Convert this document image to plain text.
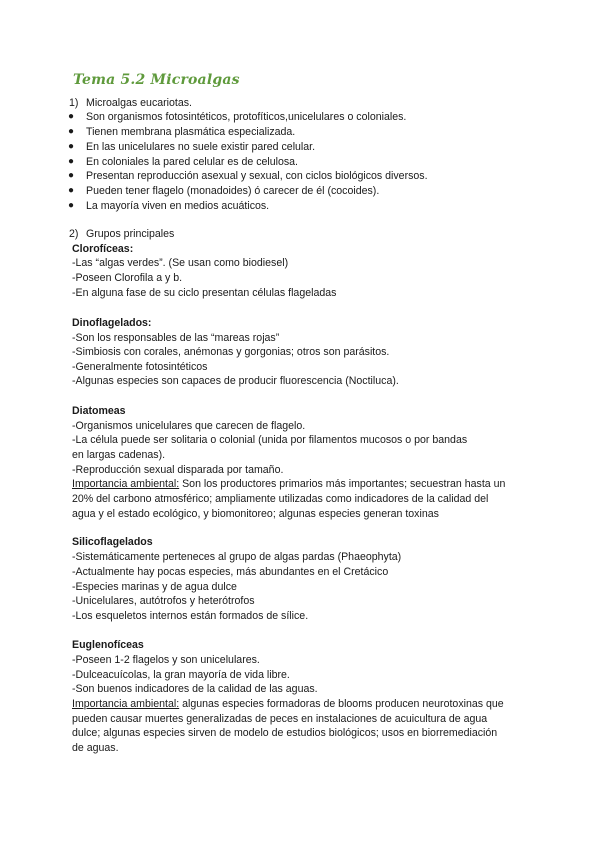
Tema 5.2 Microalgas
1) Microalgas eucariotas.
● Son organismos fotosintéticos, protofíticos,unicelulares o coloniales.
● Tienen membrana plasmática especializada.
● En las unicelulares no suele existir pared celular.
● En coloniales la pared celular es de celulosa.
● Presentan reproducción asexual y sexual, con ciclos biológicos diversos.
● Pueden tener flagelo (monadoides) ó carecer de él (cocoides).
● La mayoría viven en medios acuáticos.
2) Grupos principales
Clorofíceas:
-Las “algas verdes”. (Se usan como biodiesel)
-Poseen Clorofila a y b.
-En alguna fase de su ciclo presentan células flageladas
Dinoflagelados:
-Son los responsables de las “mareas rojas”
-Simbiosis con corales, anémonas y gorgonias; otros son parásitos.
-Generalmente fotosintéticos
-Algunas especies son capaces de producir fluorescencia (Noctiluca).
Diatomeas
-Organismos unicelulares que carecen de flagelo.
-La célula puede ser solitaria o colonial (unida por filamentos mucosos o por bandas
en largas cadenas).
-Reproducción sexual disparada por tamaño.
Importancia ambiental: Son los productores primarios más importantes; secuestran hasta un
20% del carbono atmosférico; ampliamente utilizadas como indicadores de la calidad del
agua y el estado ecológico, y biomonitoreo; algunas especies generan toxinas
Silicoflagelados
-Sistemáticamente perteneces al grupo de algas pardas (Phaeophyta)
-Actualmente hay pocas especies, más abundantes en el Cretácico
-Especies marinas y de agua dulce
-Unicelulares, autótrofos y heterótrofos
-Los esqueletos internos están formados de sílice.
Euglenofíceas
-Poseen 1-2 flagelos y son unicelulares.
-Dulceacuícolas, la gran mayoría de vida libre.
-Son buenos indicadores de la calidad de las aguas.
Importancia ambiental: algunas especies formadoras de blooms producen neurotoxinas que
pueden causar muertes generalizadas de peces en instalaciones de acuicultura de agua
dulce; algunas especies sirven de modelo de estudios biológicos; usos en biorremediación
de aguas.
